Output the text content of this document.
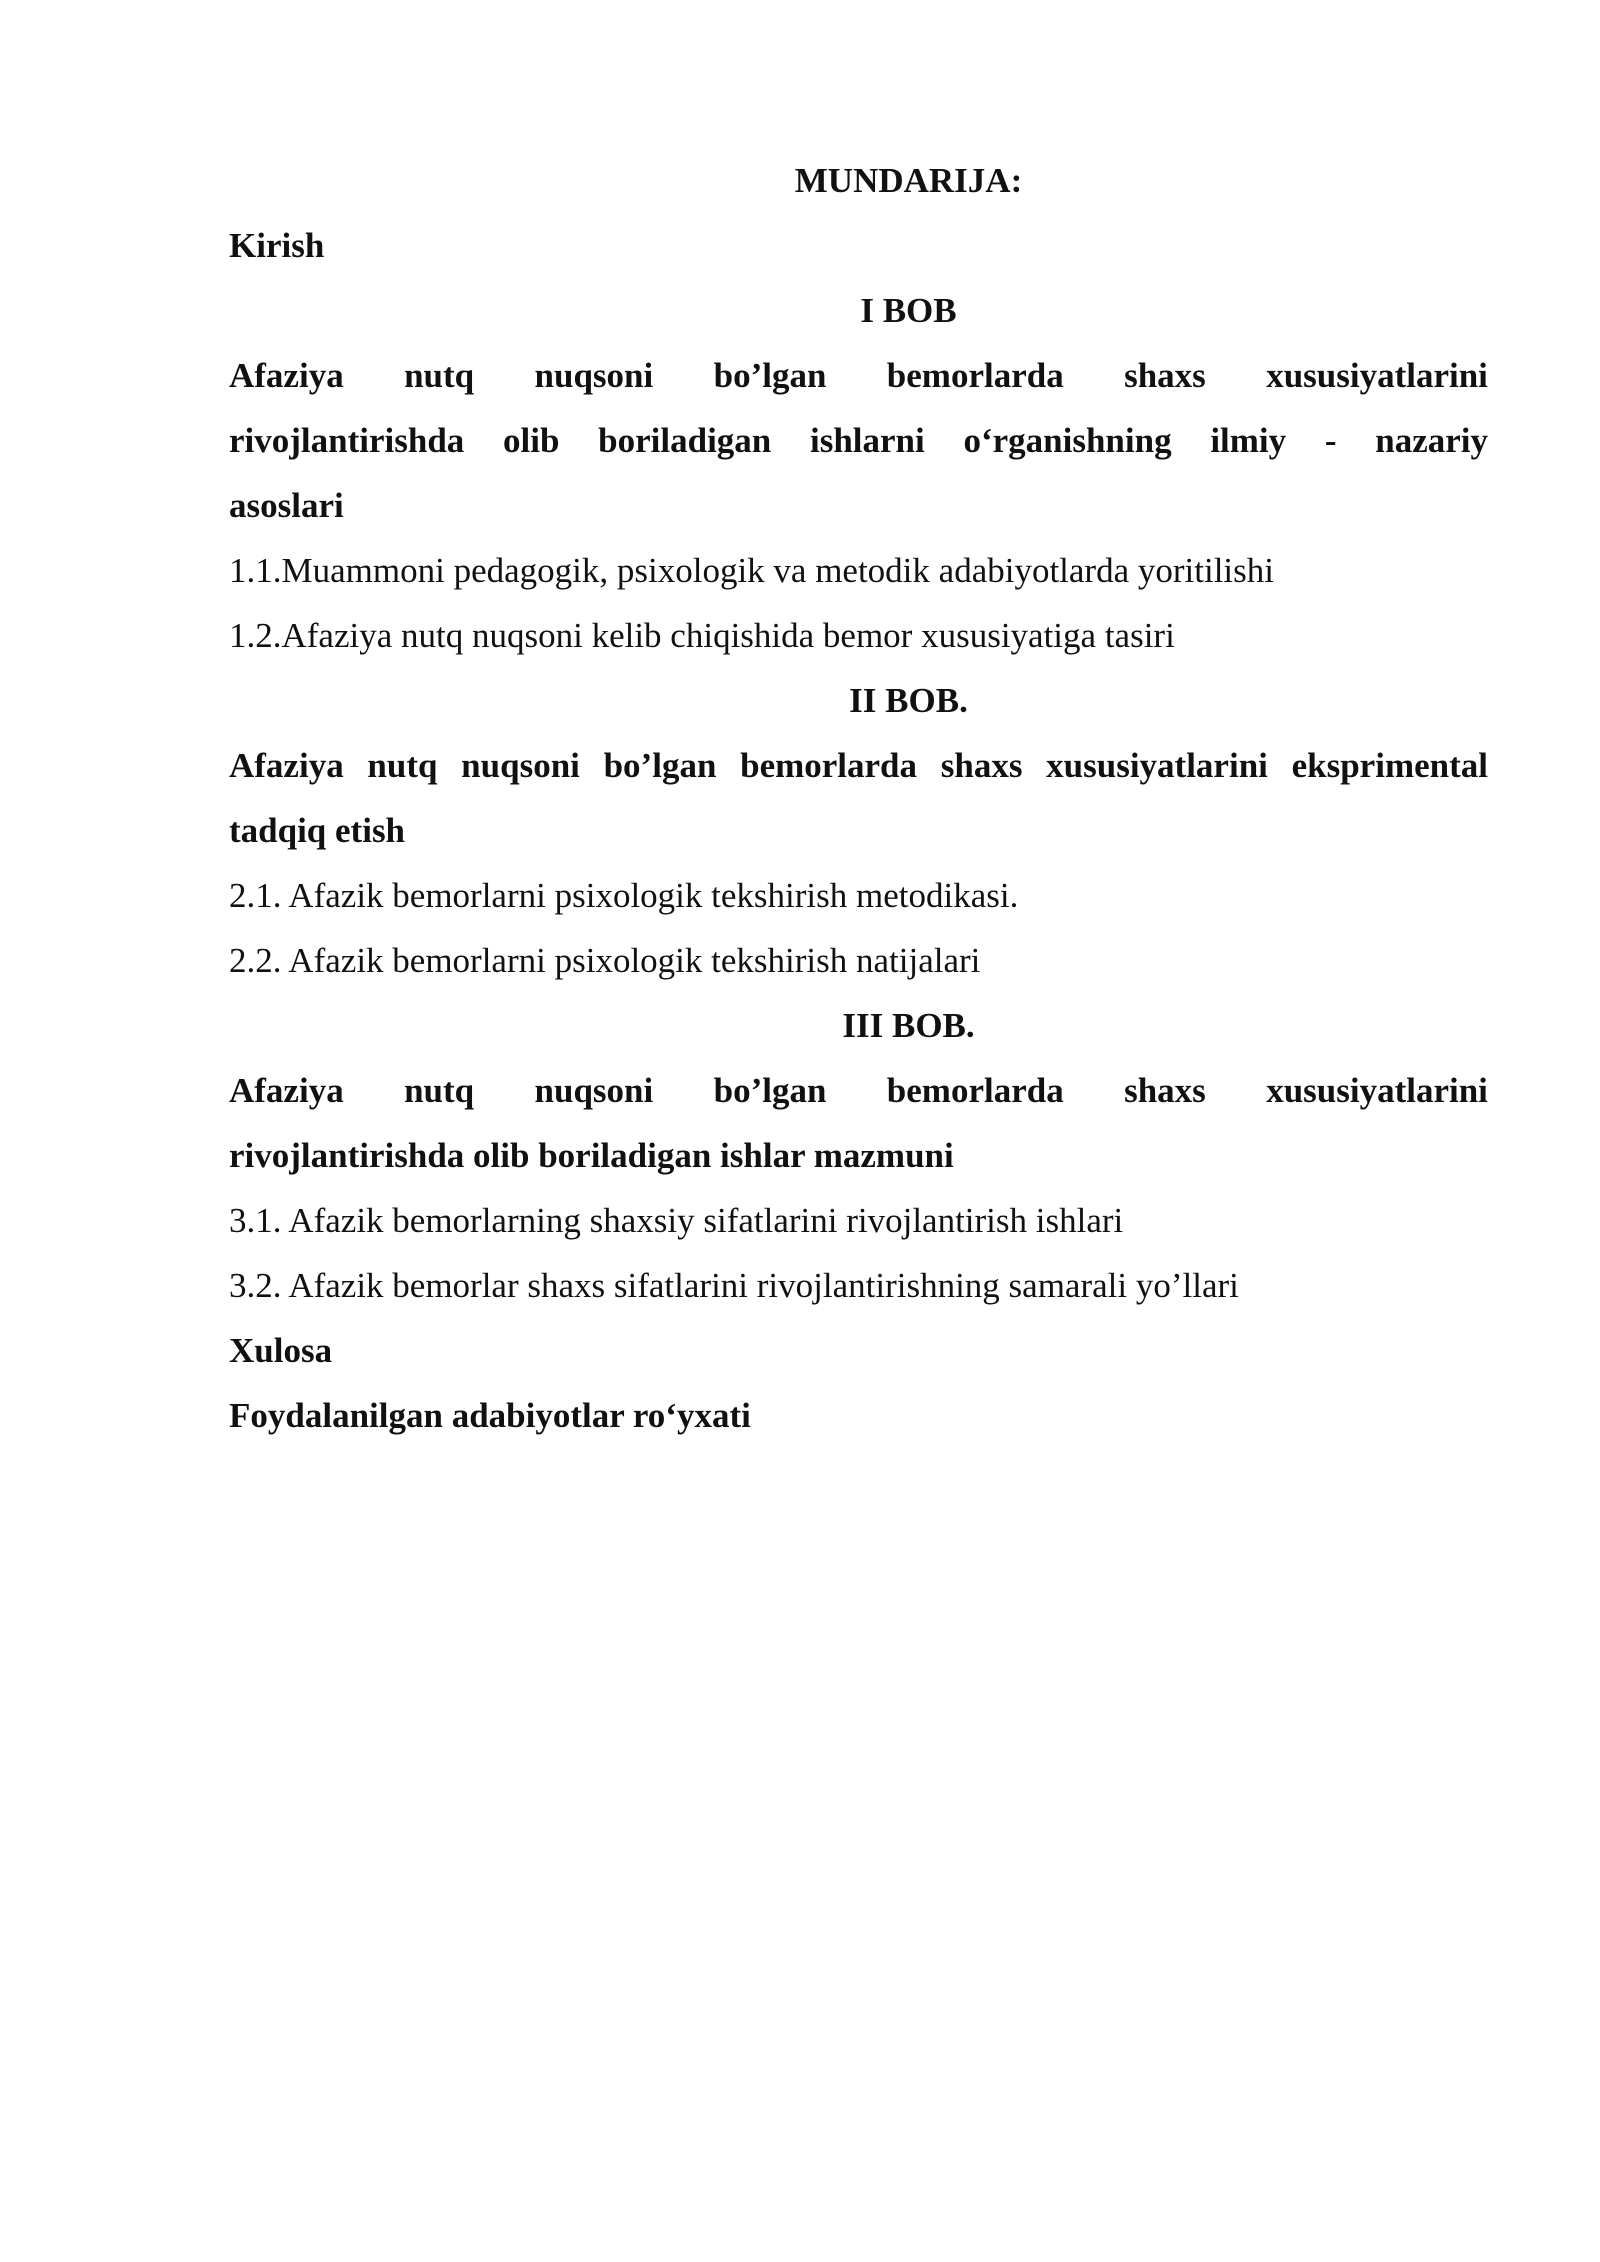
MUNDARIJA:
Kirish
I BOB
Afaziya nutq nuqsoni bo’lgan bemorlarda shaxs xususiyatlarini
rivojlantirishda olib boriladigan ishlarni o‘rganishning ilmiy - nazariy
asoslari
1.1.Muammoni pedagogik, psixologik va metodik adabiyotlarda yoritilishi
1.2.Afaziya nutq nuqsoni kelib chiqishida bemor xususiyatiga tasiri
II BOB.
Afaziya nutq nuqsoni bo’lgan bemorlarda shaxs xususiyatlarini eksprimental
tadqiq etish
2.1. Afazik bemorlarni psixologik tekshirish metodikasi.
2.2. Afazik bemorlarni psixologik tekshirish natijalari
III BOB.
Afaziya nutq nuqsoni bo’lgan bemorlarda shaxs xususiyatlarini
rivojlantirishda olib boriladigan ishlar mazmuni
3.1. Afazik bemorlarning shaxsiy sifatlarini rivojlantirish ishlari
3.2. Afazik bemorlar shaxs sifatlarini rivojlantirishning samarali yo’llari
Xulosa
Foydalanilgan adabiyotlar ro‘yxati
